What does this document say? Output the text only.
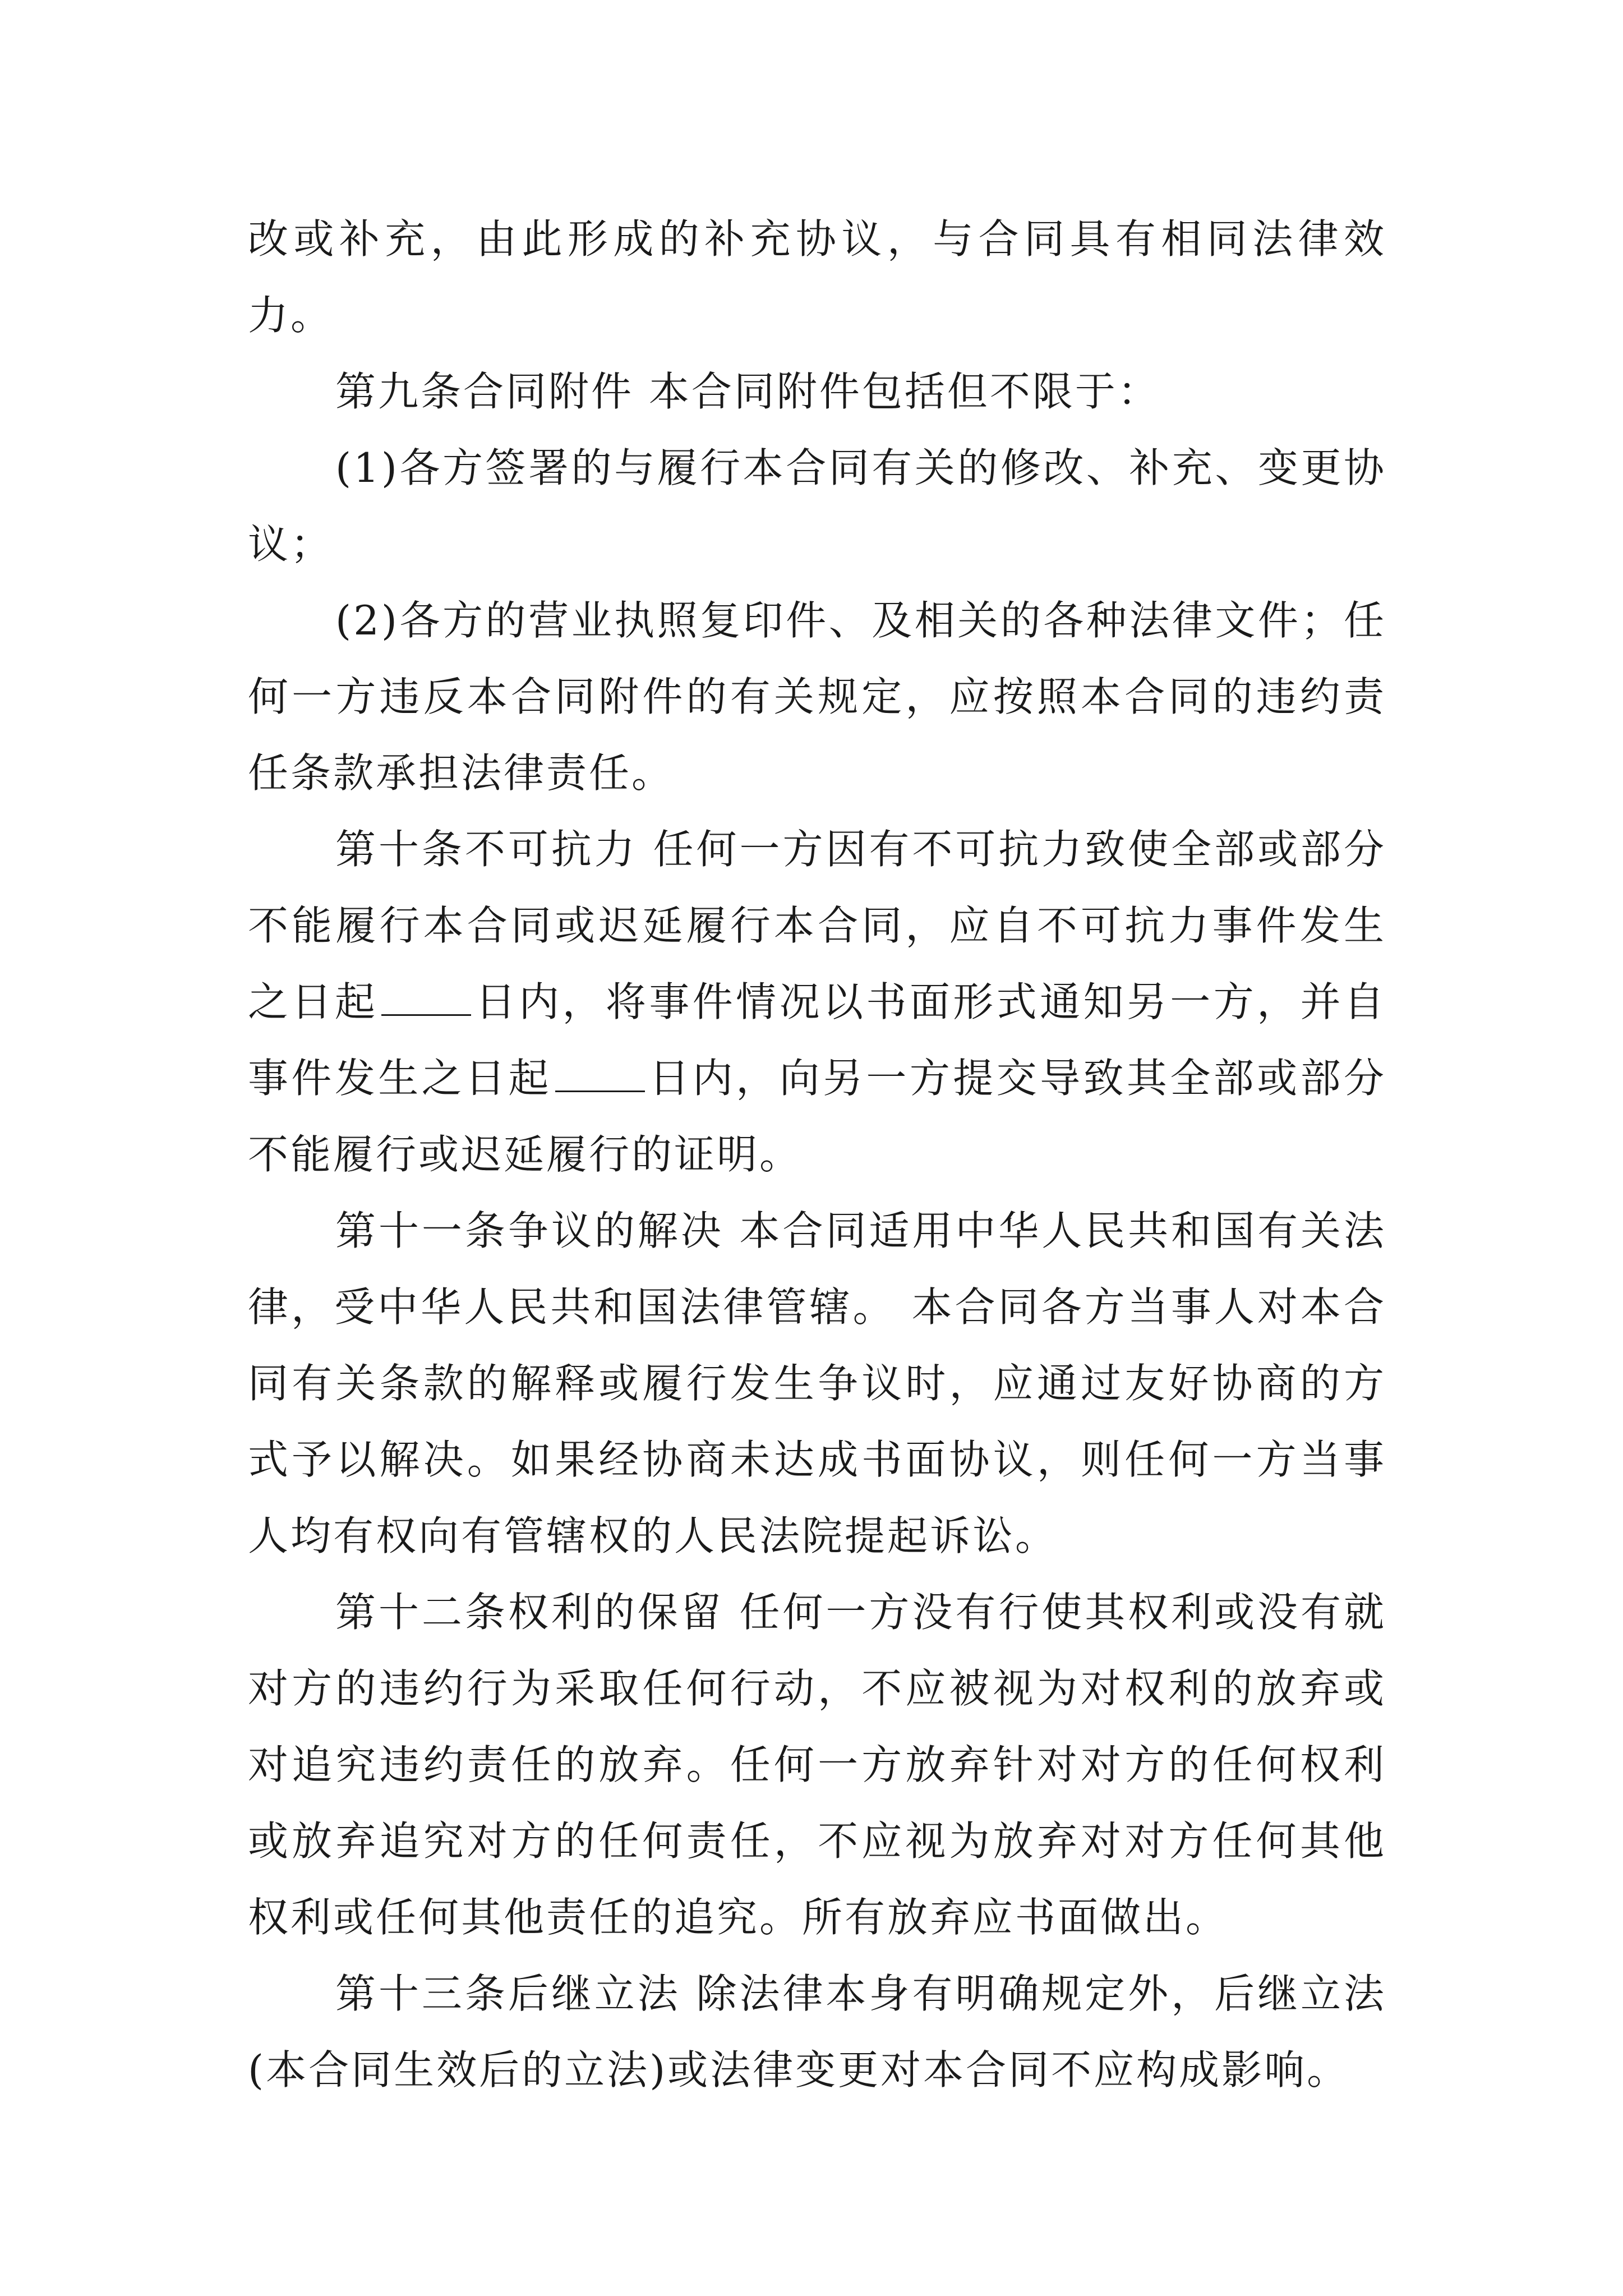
改或补充，由此形成的补充协议，与合同具有相同法律效力。

第九条合同附件 本合同附件包括但不限于：

(1)各方签署的与履行本合同有关的修改、补充、变更协议；

(2)各方的营业执照复印件、及相关的各种法律文件；任何一方违反本合同附件的有关规定，应按照本合同的违约责任条款承担法律责任。

第十条不可抗力 任何一方因有不可抗力致使全部或部分不能履行本合同或迟延履行本合同，应自不可抗力事件发生之日起 日内，将事件情况以书面形式通知另一方，并自事件发生之日起 日内，向另一方提交导致其全部或部分不能履行或迟延履行的证明。

第十一条争议的解决 本合同适用中华人民共和国有关法律，受中华人民共和国法律管辖。 本合同各方当事人对本合同有关条款的解释或履行发生争议时，应通过友好协商的方式予以解决。如果经协商未达成书面协议，则任何一方当事人均有权向有管辖权的人民法院提起诉讼。

第十二条权利的保留 任何一方没有行使其权利或没有就对方的违约行为采取任何行动，不应被视为对权利的放弃或对追究违约责任的放弃。任何一方放弃针对对方的任何权利或放弃追究对方的任何责任，不应视为放弃对对方任何其他权利或任何其他责任的追究。所有放弃应书面做出。

第十三条后继立法 除法律本身有明确规定外，后继立法(本合同生效后的立法)或法律变更对本合同不应构成影响。
